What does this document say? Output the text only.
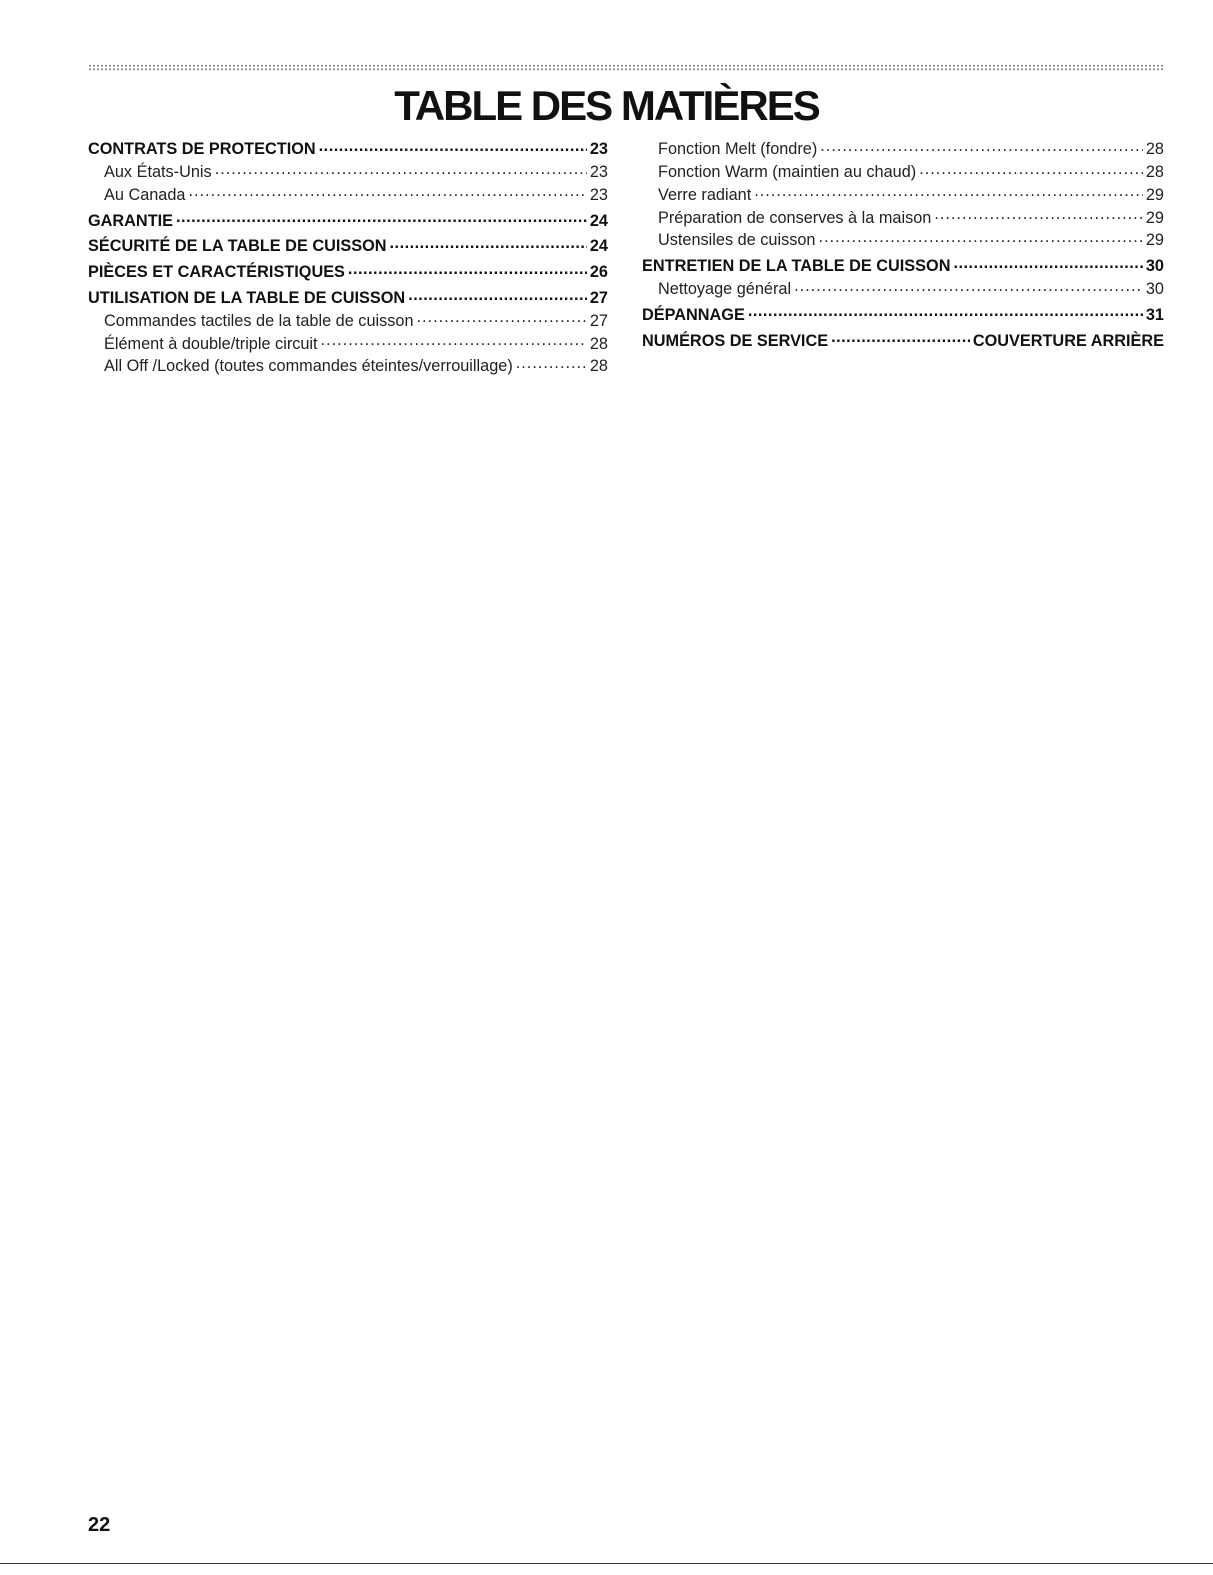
TABLE DES MATIÈRES
CONTRATS DE PROTECTION .....	23
Aux États-Unis .....	23
Au Canada .....	23
GARANTIE .....	24
SÉCURITÉ DE LA TABLE DE CUISSON .....	24
PIÈCES ET CARACTÉRISTIQUES .....	26
UTILISATION DE LA TABLE DE CUISSON .....	27
Commandes tactiles de la table de cuisson .....	27
Élément à double/triple circuit .....	28
All Off /Locked (toutes commandes éteintes/verrouillage) .....	28
Fonction Melt (fondre) .....	28
Fonction Warm (maintien au chaud) .....	28
Verre radiant .....	29
Préparation de conserves à la maison .....	29
Ustensiles de cuisson .....	29
ENTRETIEN DE LA TABLE DE CUISSON .....	30
Nettoyage général .....	30
DÉPANNAGE .....	31
NUMÉROS DE SERVICE .....	COUVERTURE ARRIÈRE
22
